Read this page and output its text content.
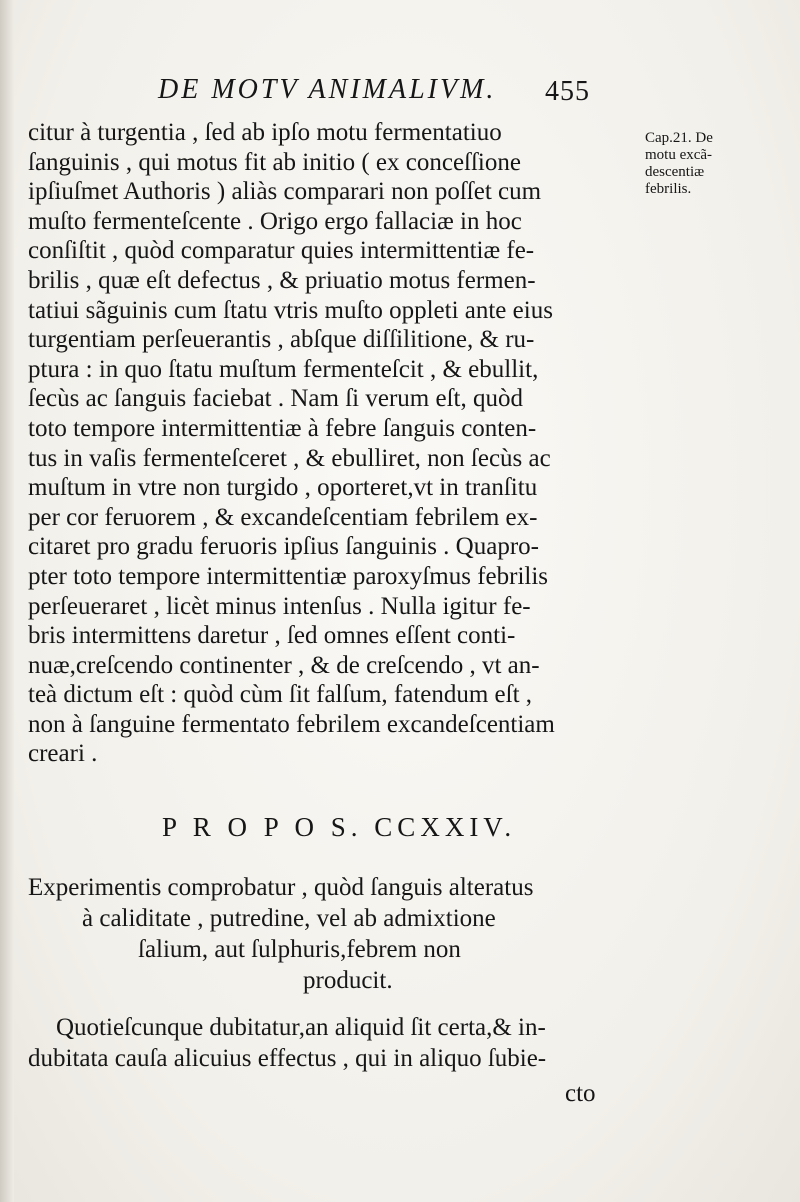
DE MOTV ANIMALIVM. 455
citur à turgentia , ſed ab ipſo motu fermentatiuo
ſanguinis , qui motus fit ab initio ( ex conceſſione
ipſiuſmet Authoris ) aliàs comparari non poſſet cum
muſto fermenteſcente . Origo ergo fallaciæ in hoc
conſiſtit , quòd comparatur quies intermittentiæ fe-
brilis , quæ eſt defectus , & priuatio motus fermen-
tatiui sãguinis cum ſtatu vtris muſto oppleti ante eius
turgentiam perſeuerantis , abſque diſſilitione, & ru-
ptura : in quo ſtatu muſtum fermenteſcit , & ebullit,
ſecùs ac ſanguis faciebat . Nam ſi verum eſt, quòd
toto tempore intermittentiæ à febre ſanguis conten-
tus in vaſis fermenteſceret , & ebulliret, non ſecùs ac
muſtum in vtre non turgido , oporteret,vt in tranſitu
per cor feruorem , & excandeſcentiam febrilem ex-
citaret pro gradu feruoris ipſius ſanguinis . Quapro-
pter toto tempore intermittentiæ paroxyſmus febrilis
perſeueraret , licèt minus intenſus . Nulla igitur fe-
bris intermittens daretur , ſed omnes eſſent conti-
nuæ,creſcendo continenter , & de creſcendo , vt an-
teà dictum eſt : quòd cùm ſit falſum, fatendum eſt ,
non à ſanguine fermentato febrilem excandeſcentiam
creari .
Cap.21. De
motu excã-
descentiæ
febrilis.
P R O P O S. CCXXIV.
Experimentis comprobatur , quòd ſanguis alteratus
à caliditate , putredine, vel ab admixtione
ſalium, aut ſulphuris,febrem non
producit.
Quotieſcunque dubitatur,an aliquid ſit certa,& in-
dubitata cauſa alicuius effectus , qui in aliquo ſubie-
cto
